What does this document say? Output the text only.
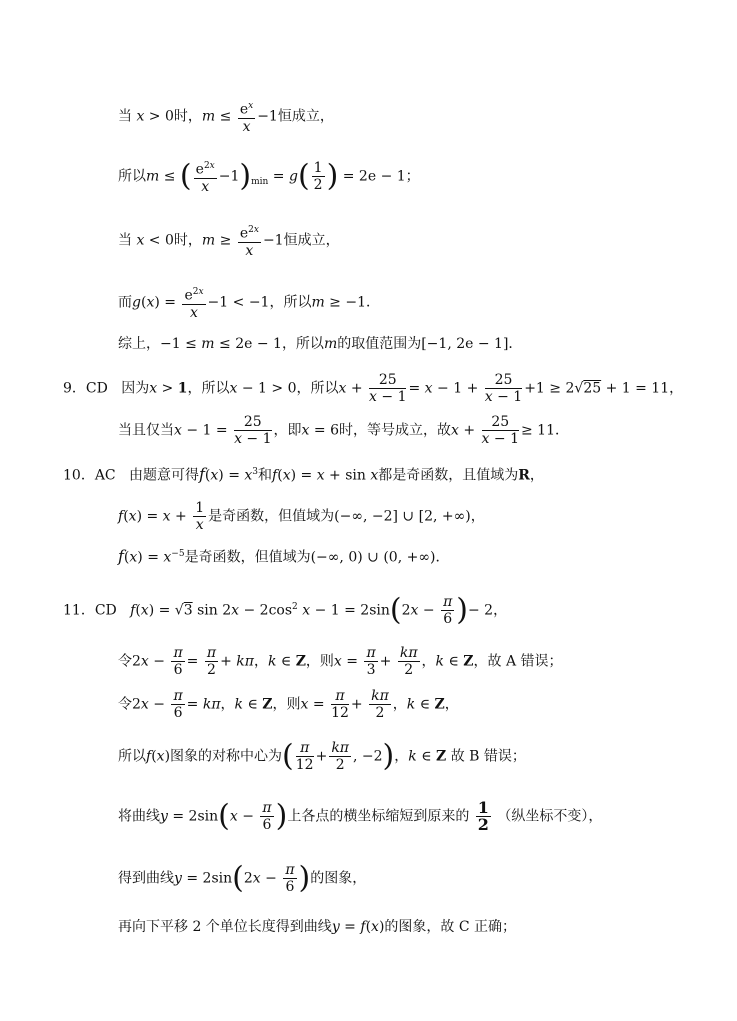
当 x > 0时，$m \le \frac{e^x}{x} -1$恒成立，
所以m ≤ ( $\frac{e^{2x}}{x} -1)_{min} = g( \frac{1}{2}$ ) = 2e − 1；
当 x < 0时，$m \ge \frac{e^{2x}}{x} -1$恒成立，
而$g(x) = \frac{e^{2x}}{x} -1 < -1$，所以m ≥ −1．
综上，−1 ≤ m ≤ 2e − 1，所以m的取值范围为[−1, 2e − 1]．
9．CD 因为x > 1，所以x − 1 > 0，所以$x + \frac{25}{x - 1} = x - 1 + \frac{25}{x - 1} +1 \ge 2√25 + 1 = 11$，
当且仅当$x - 1 = \frac{25}{x - 1}$ ，即x = 6时，等号成立，故$x + \frac{25}{x - 1} \ge 11$．
10．AC 由题意可得$f(x) = x^3$和f(x) = x + sin x都是奇函数，且值域为R，
$f(x) = x + \frac{1}{x}$ 是奇函数，但值域为(−∞, −2] ∪ [2, +∞)，
$f(x) = x^{-5}$是奇函数，但值域为(−∞, 0) ∪ (0, +∞)．
11．CD f(x) = √3 $\sin 2x - 2\cos^2$ $x - 1 = 2\sin(2x - \frac{\pi}{6}$ )− 2，
令$2x - \frac{\pi}{6} = \frac{\pi}{2} + k\pi$，k ∈ Z，则$x = \frac{\pi}{3} + \frac{k\pi}{2}$ ，k ∈ Z，故 A 错误；
令$2x - \frac{\pi}{6} = k\pi$，k ∈ Z，则$x = \frac{\pi}{12} + \frac{k\pi}{2}$ ，k ∈ Z，
所以f(x)图象的对称中心为( $\frac{\pi}{12} + \frac{k\pi}{2}$ , −2)，k ∈ Z 故 B 错误；
将曲线$y = 2\sin(x - \frac{\pi}{6}$ )上各点的横坐标缩短到原来的 $\frac{1}{2}$ （纵坐标不变），
得到曲线$y = 2\sin(2x - \frac{\pi}{6}$ )的图象，
再向下平移 2 个单位长度得到曲线y = f(x)的图象，故 C 正确；
